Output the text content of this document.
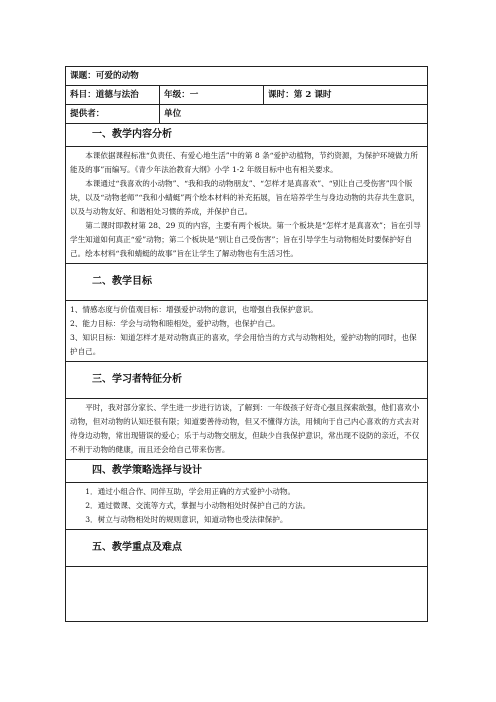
课题：可爱的动物		
科目：道德与法治	年级：一	课时：第 2 课时
提供者：	单位	
一、教学内容分析		

本课依据课程标准“负责任、有爱心地生活”中的第 8 条“爱护动植物，节约资源，为保护环境做力所能及的事”而编写。《青少年法治教育大纲》小学 1-2 年级目标中也有相关要求。

本课通过“我喜欢的小动物”、“我和我的动物朋友”、“怎样才是真喜欢”、“别让自己受伤害”四个版块，以及“动物老师”“我和小蜻蜓”两个绘本材料的补充拓展，旨在培养学生与身边动物的共存共生意识，以及与动物友好、和谐相处习惯的养成，并保护自己。

第二课时即教材第 28、29 页的内容，主要有两个板块。第一个板块是“怎样才是真喜欢”；旨在引导学生知道如何真正“爱”动物；第二个板块是“别让自己受伤害”；旨在引导学生与动物相处时要保护好自己。绘本材料“我和蜻蜓的故事”旨在让学生了解动物也有生活习性。		

二、教学目标		

1、情感态度与价值观目标：增强爱护动物的意识，也增强自我保护意识。

2、能力目标：学会与动物和睦相处，爱护动物，也保护自己。

3、知识目标：知道怎样才是对动物真正的喜欢，学会用恰当的方式与动物相处，爱护动物的同时，也保护自己。		

三、学习者特征分析		

平时，我对部分家长、学生进一步进行访谈，了解到：一年级孩子好奇心强且探索欲强，他们喜欢小动物，但对动物的认知还很有限；知道要善待动物，但又不懂得方法，用倾向于自己内心喜欢的方式去对待身边动物，常出现错误的爱心；乐于与动物交朋友，但缺少自我保护意识，常出现不设防的亲近，不仅不利于动物的健康，而且还会给自己带来伤害。		

四、教学策略选择与设计		

1．通过小组合作、同伴互助，学会用正确的方式爱护小动物。

2．通过微课、交流等方式，掌握与小动物相处时保护自己的方法。

3．树立与动物相处时的规则意识，知道动物也受法律保护。		

五、教学重点及难点		
